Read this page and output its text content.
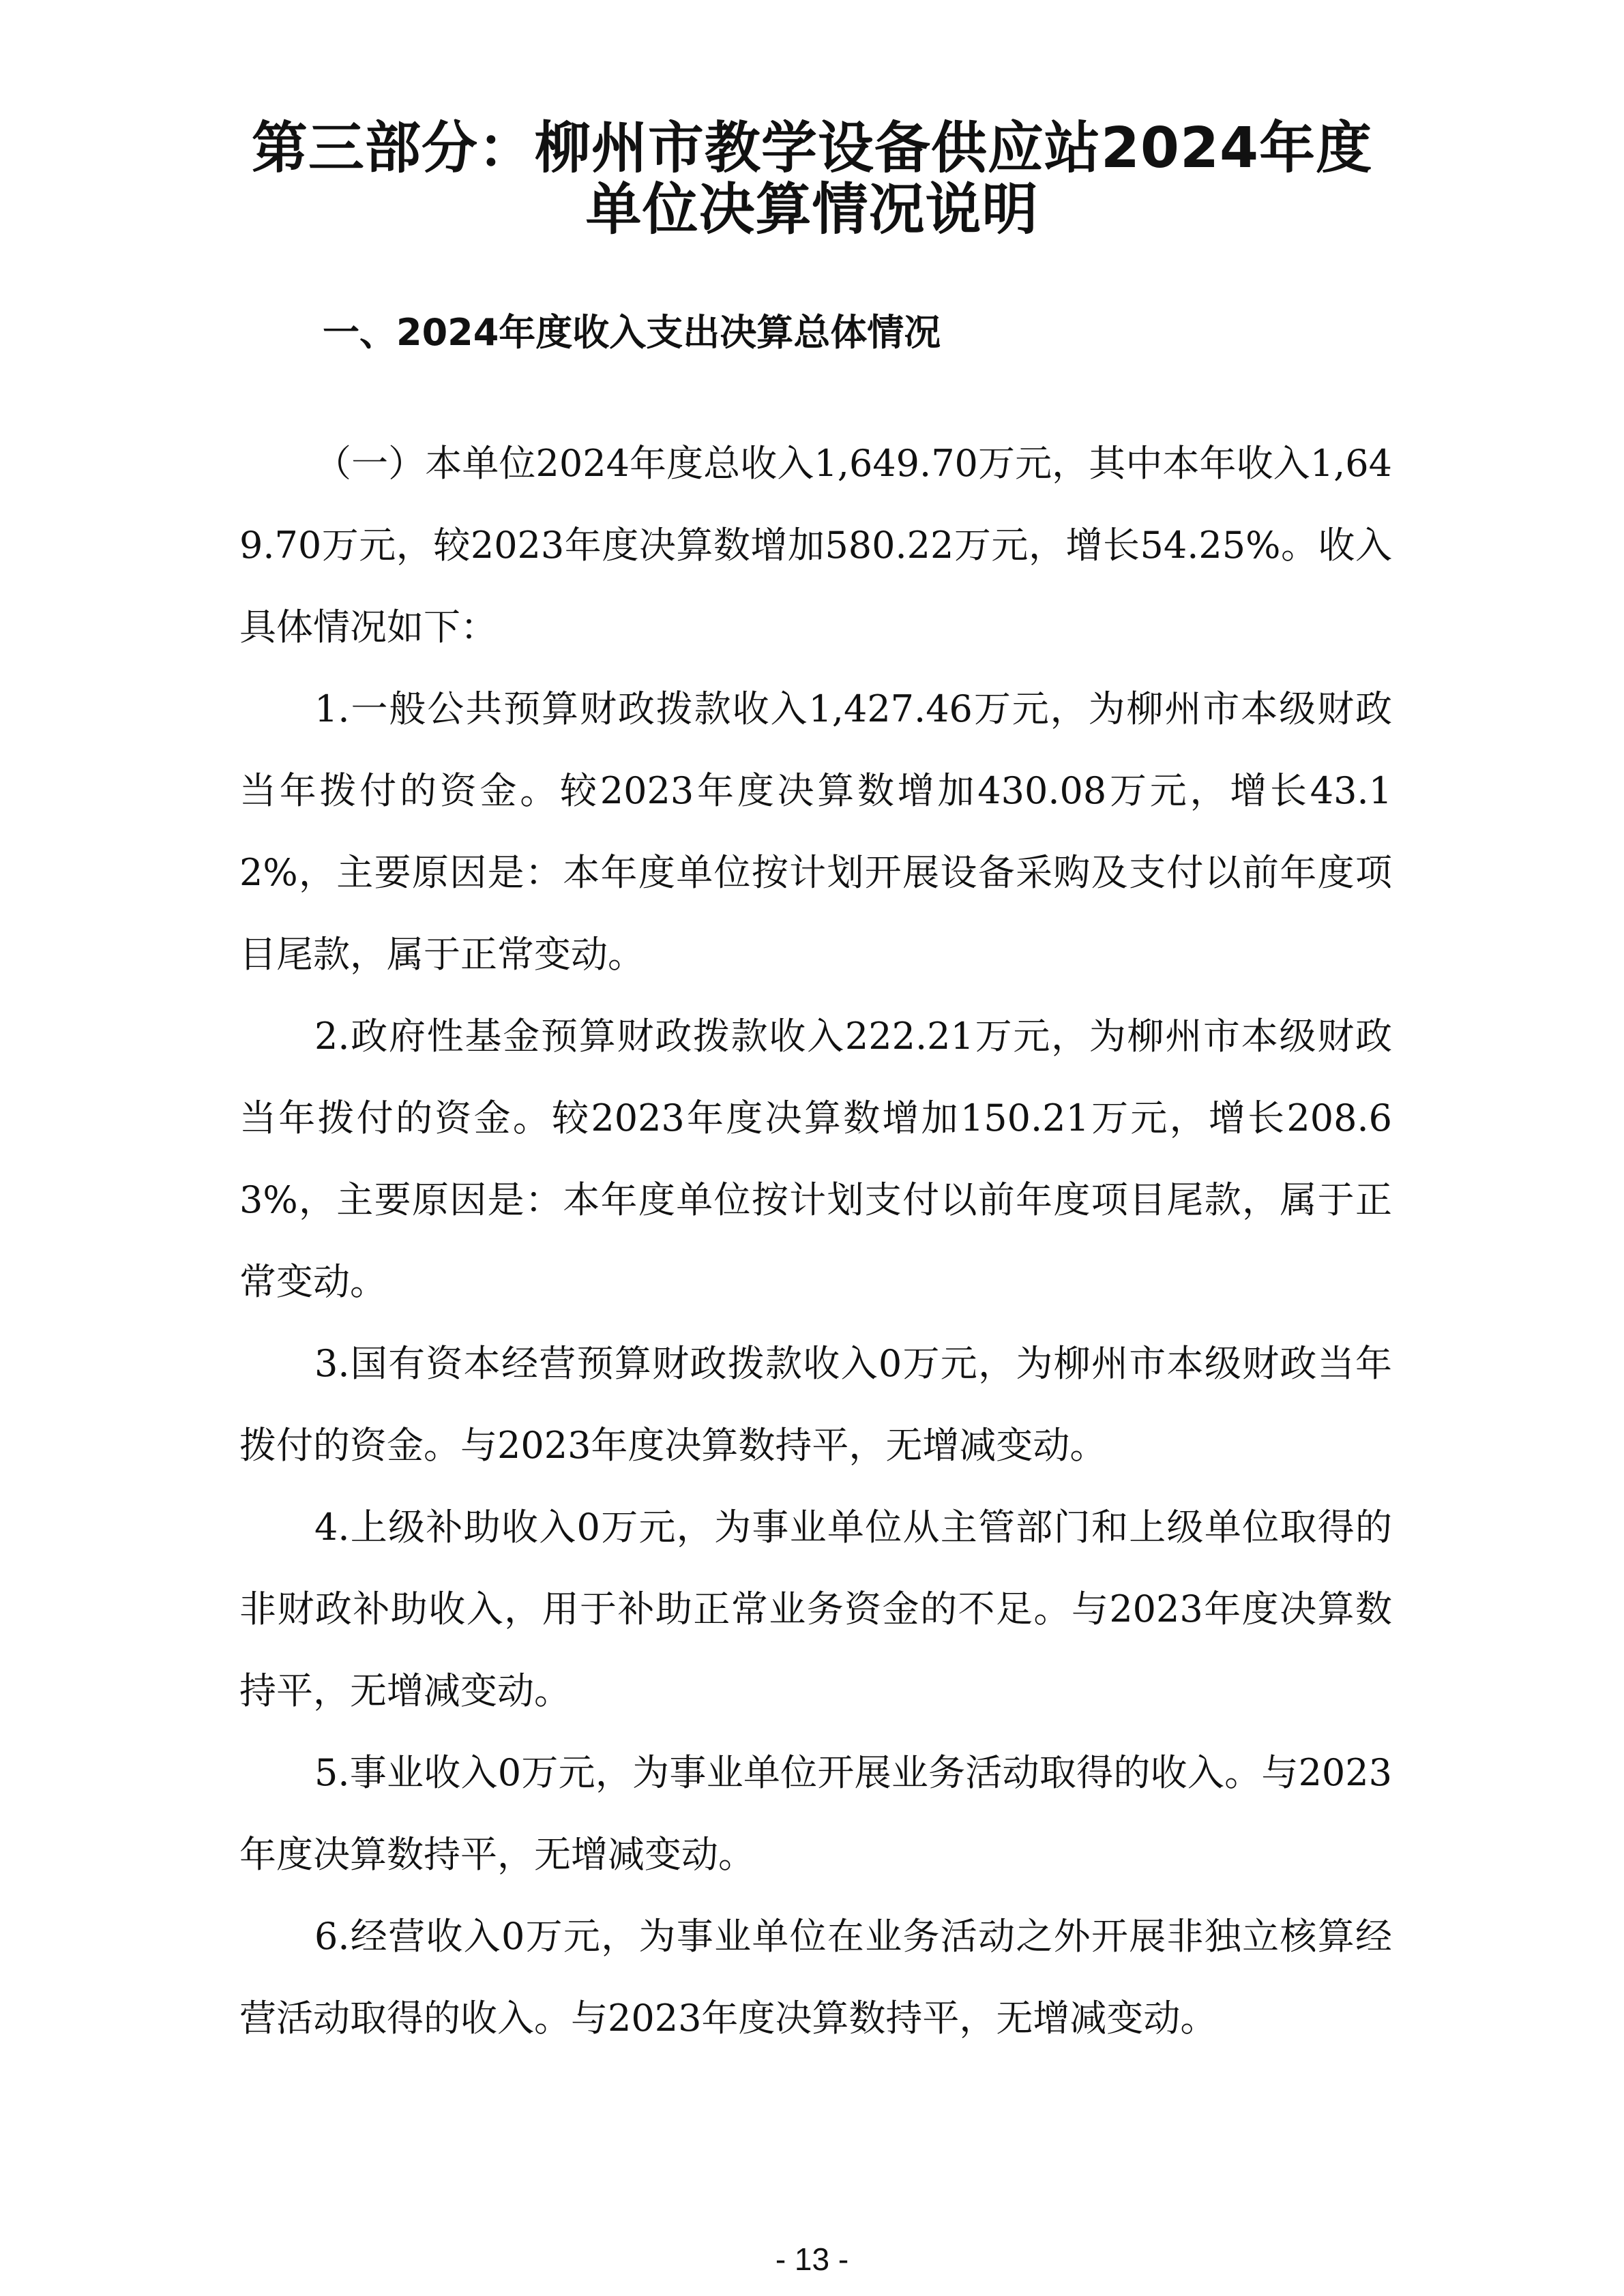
第三部分：柳州市教学设备供应站2024年度
单位决算情况说明
一、2024年度收入支出决算总体情况

（一）本单位2024年度总收入1,649.70万元，其中本年收入1,649.70万元，较2023年度决算数增加580.22万元，增长54.25%。收入具体情况如下：

1.一般公共预算财政拨款收入1,427.46万元，为柳州市本级财政当年拨付的资金。较2023年度决算数增加430.08万元，增长43.12%，主要原因是：本年度单位按计划开展设备采购及支付以前年度项目尾款，属于正常变动。

2.政府性基金预算财政拨款收入222.21万元，为柳州市本级财政当年拨付的资金。较2023年度决算数增加150.21万元，增长208.63%，主要原因是：本年度单位按计划支付以前年度项目尾款，属于正常变动。

3.国有资本经营预算财政拨款收入0万元，为柳州市本级财政当年拨付的资金。与2023年度决算数持平，无增减变动。

4.上级补助收入0万元，为事业单位从主管部门和上级单位取得的非财政补助收入，用于补助正常业务资金的不足。与2023年度决算数持平，无增减变动。

5.事业收入0万元，为事业单位开展业务活动取得的收入。与2023年度决算数持平，无增减变动。

6.经营收入0万元，为事业单位在业务活动之外开展非独立核算经营活动取得的收入。与2023年度决算数持平，无增减变动。

- 13 -
